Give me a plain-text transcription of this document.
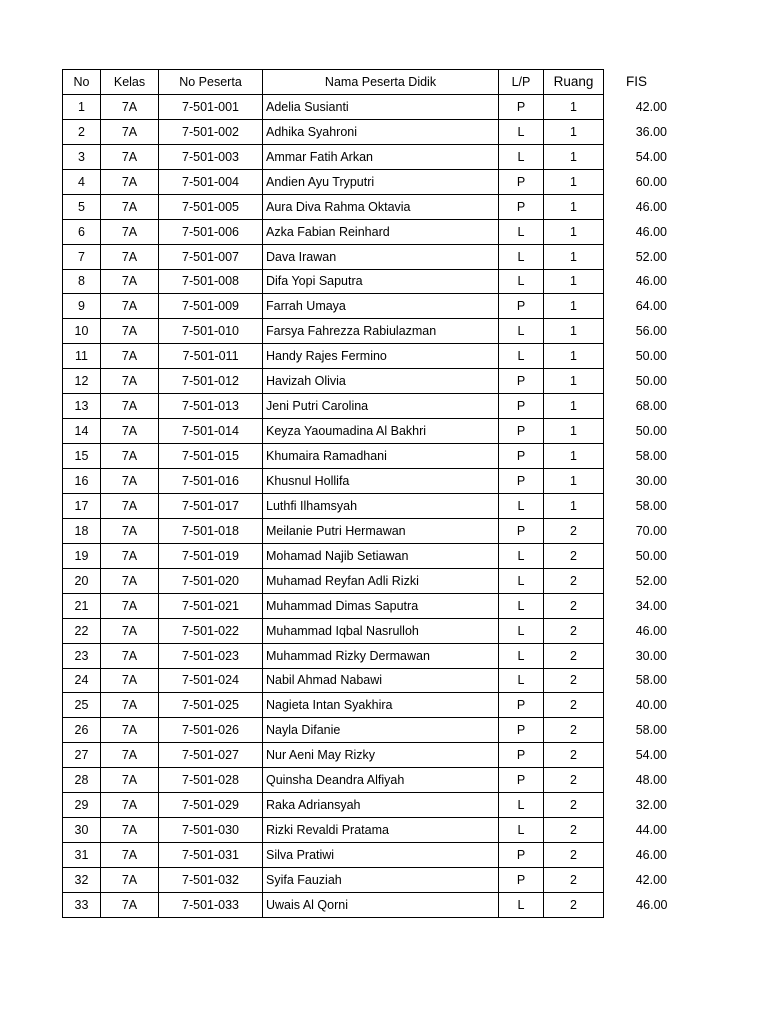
No	Kelas	No Peserta	Nama Peserta Didik	L/P	Ruang	FIS
1	7A	7-501-001	Adelia Susianti	P	1	42.00
2	7A	7-501-002	Adhika Syahroni	L	1	36.00
3	7A	7-501-003	Ammar Fatih Arkan	L	1	54.00
4	7A	7-501-004	Andien Ayu Tryputri	P	1	60.00
5	7A	7-501-005	Aura Diva Rahma Oktavia	P	1	46.00
6	7A	7-501-006	Azka Fabian Reinhard	L	1	46.00
7	7A	7-501-007	Dava Irawan	L	1	52.00
8	7A	7-501-008	Difa Yopi Saputra	L	1	46.00
9	7A	7-501-009	Farrah Umaya	P	1	64.00
10	7A	7-501-010	Farsya Fahrezza Rabiulazman	L	1	56.00
11	7A	7-501-011	Handy Rajes Fermino	L	1	50.00
12	7A	7-501-012	Havizah Olivia	P	1	50.00
13	7A	7-501-013	Jeni Putri Carolina	P	1	68.00
14	7A	7-501-014	Keyza Yaoumadina Al Bakhri	P	1	50.00
15	7A	7-501-015	Khumaira Ramadhani	P	1	58.00
16	7A	7-501-016	Khusnul Hollifa	P	1	30.00
17	7A	7-501-017	Luthfi Ilhamsyah	L	1	58.00
18	7A	7-501-018	Meilanie Putri Hermawan	P	2	70.00
19	7A	7-501-019	Mohamad Najib Setiawan	L	2	50.00
20	7A	7-501-020	Muhamad Reyfan Adli Rizki	L	2	52.00
21	7A	7-501-021	Muhammad Dimas Saputra	L	2	34.00
22	7A	7-501-022	Muhammad Iqbal Nasrulloh	L	2	46.00
23	7A	7-501-023	Muhammad Rizky Dermawan	L	2	30.00
24	7A	7-501-024	Nabil Ahmad Nabawi	L	2	58.00
25	7A	7-501-025	Nagieta Intan Syakhira	P	2	40.00
26	7A	7-501-026	Nayla Difanie	P	2	58.00
27	7A	7-501-027	Nur Aeni May Rizky	P	2	54.00
28	7A	7-501-028	Quinsha Deandra Alfiyah	P	2	48.00
29	7A	7-501-029	Raka Adriansyah	L	2	32.00
30	7A	7-501-030	Rizki Revaldi Pratama	L	2	44.00
31	7A	7-501-031	Silva Pratiwi	P	2	46.00
32	7A	7-501-032	Syifa Fauziah	P	2	42.00
33	7A	7-501-033	Uwais Al Qorni	L	2	46.00
